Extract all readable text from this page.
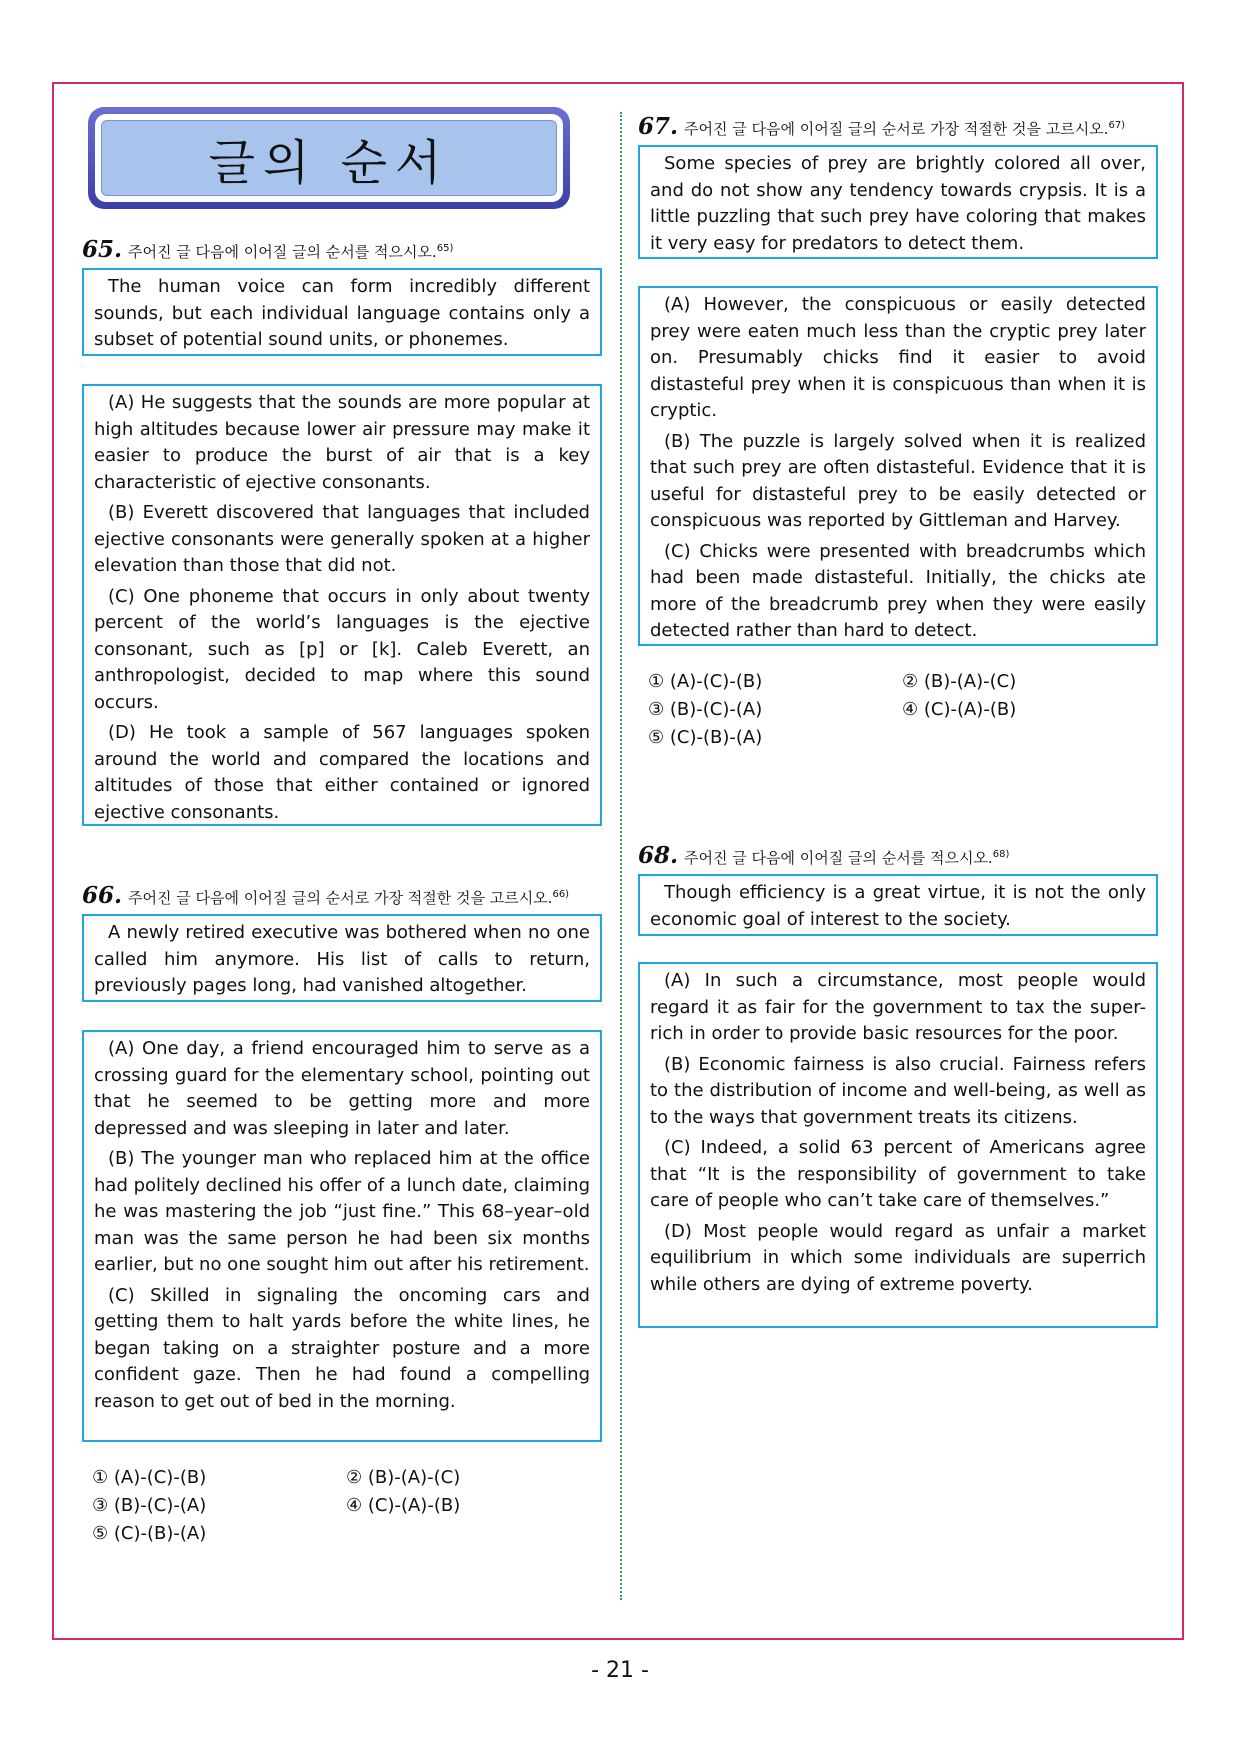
글의 순서
65. 주어진 글 다음에 이어질 글의 순서를 적으시오.$^{65)}$

The human voice can form incredibly different sounds, but each individual language contains only a subset of potential sound units, or phonemes.

(A) He suggests that the sounds are more popular at high altitudes because lower air pressure may make it easier to produce the burst of air that is a key characteristic of ejective consonants.

(B) Everett discovered that languages that included ejective consonants were generally spoken at a higher elevation than those that did not.

(C) One phoneme that occurs in only about twenty percent of the world’s languages is the ejective consonant, such as [p] or [k]. Caleb Everett, an anthropologist, decided to map where this sound occurs.

(D) He took a sample of 567 languages spoken around the world and compared the locations and altitudes of those that either contained or ignored ejective consonants.

66. 주어진 글 다음에 이어질 글의 순서로 가장 적절한 것을 고르시오.$^{66)}$

A newly retired executive was bothered when no one called him anymore. His list of calls to return, previously pages long, had vanished altogether.

(A) One day, a friend encouraged him to serve as a crossing guard for the elementary school, pointing out that he seemed to be getting more and more depressed and was sleeping in later and later.

(B) The younger man who replaced him at the office had politely declined his offer of a lunch date, claiming he was mastering the job “just fine.” This 68–year–old man was the same person he had been six months earlier, but no one sought him out after his retirement.

(C) Skilled in signaling the oncoming cars and getting them to halt yards before the white lines, he began taking on a straighter posture and a more confident gaze. Then he had found a compelling reason to get out of bed in the morning.

① (A)-(C)-(B)	② (B)-(A)-(C)
③ (B)-(C)-(A)	④ (C)-(A)-(B)
⑤ (C)-(B)-(A)
67. 주어진 글 다음에 이어질 글의 순서로 가장 적절한 것을 고르시오.$^{67)}$

Some species of prey are brightly colored all over, and do not show any tendency towards crypsis. It is a little puzzling that such prey have coloring that makes it very easy for predators to detect them.

(A) However, the conspicuous or easily detected prey were eaten much less than the cryptic prey later on. Presumably chicks find it easier to avoid distasteful prey when it is conspicuous than when it is cryptic.

(B) The puzzle is largely solved when it is realized that such prey are often distasteful. Evidence that it is useful for distasteful prey to be easily detected or conspicuous was reported by Gittleman and Harvey.

(C) Chicks were presented with breadcrumbs which had been made distasteful. Initially, the chicks ate more of the breadcrumb prey when they were easily detected rather than hard to detect.

① (A)-(C)-(B)	② (B)-(A)-(C)
③ (B)-(C)-(A)	④ (C)-(A)-(B)
⑤ (C)-(B)-(A)
68. 주어진 글 다음에 이어질 글의 순서를 적으시오.$^{68)}$

Though efficiency is a great virtue, it is not the only economic goal of interest to the society.

(A) In such a circumstance, most people would regard it as fair for the government to tax the super-rich in order to provide basic resources for the poor.

(B) Economic fairness is also crucial. Fairness refers to the distribution of income and well-being, as well as to the ways that government treats its citizens.

(C) Indeed, a solid 63 percent of Americans agree that “It is the responsibility of government to take care of people who can’t take care of themselves.”

(D) Most people would regard as unfair a market equilibrium in which some individuals are superrich while others are dying of extreme poverty.

- 21 -
